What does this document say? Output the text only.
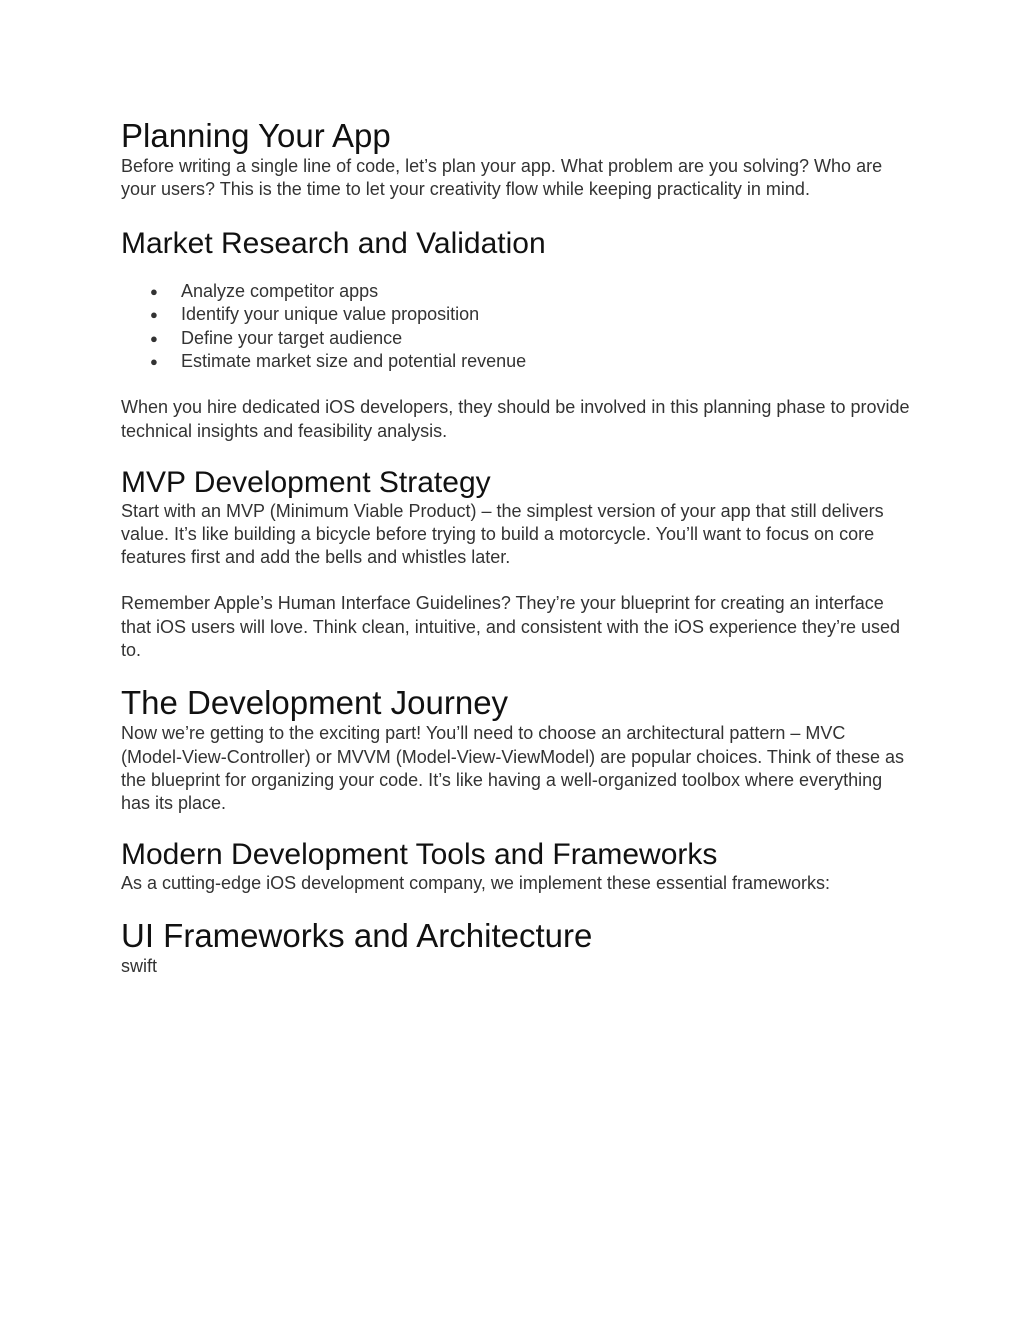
Planning Your App

Before writing a single line of code, let’s plan your app. What problem are you solving? Who are your users? This is the time to let your creativity flow while keeping practicality in mind.

Market Research and Validation
● Analyze competitor apps
● Identify your unique value proposition
● Define your target audience
● Estimate market size and potential revenue

When you hire dedicated iOS developers, they should be involved in this planning phase to provide technical insights and feasibility analysis.

MVP Development Strategy

Start with an MVP (Minimum Viable Product) – the simplest version of your app that still delivers value. It’s like building a bicycle before trying to build a motorcycle. You’ll want to focus on core features first and add the bells and whistles later.

Remember Apple’s Human Interface Guidelines? They’re your blueprint for creating an interface that iOS users will love. Think clean, intuitive, and consistent with the iOS experience they’re used to.

The Development Journey

Now we’re getting to the exciting part! You’ll need to choose an architectural pattern – MVC (Model-View-Controller) or MVVM (Model-View-ViewModel) are popular choices. Think of these as the blueprint for organizing your code. It’s like having a well-organized toolbox where everything has its place.

Modern Development Tools and Frameworks

As a cutting-edge iOS development company, we implement these essential frameworks:

UI Frameworks and Architecture

swift
